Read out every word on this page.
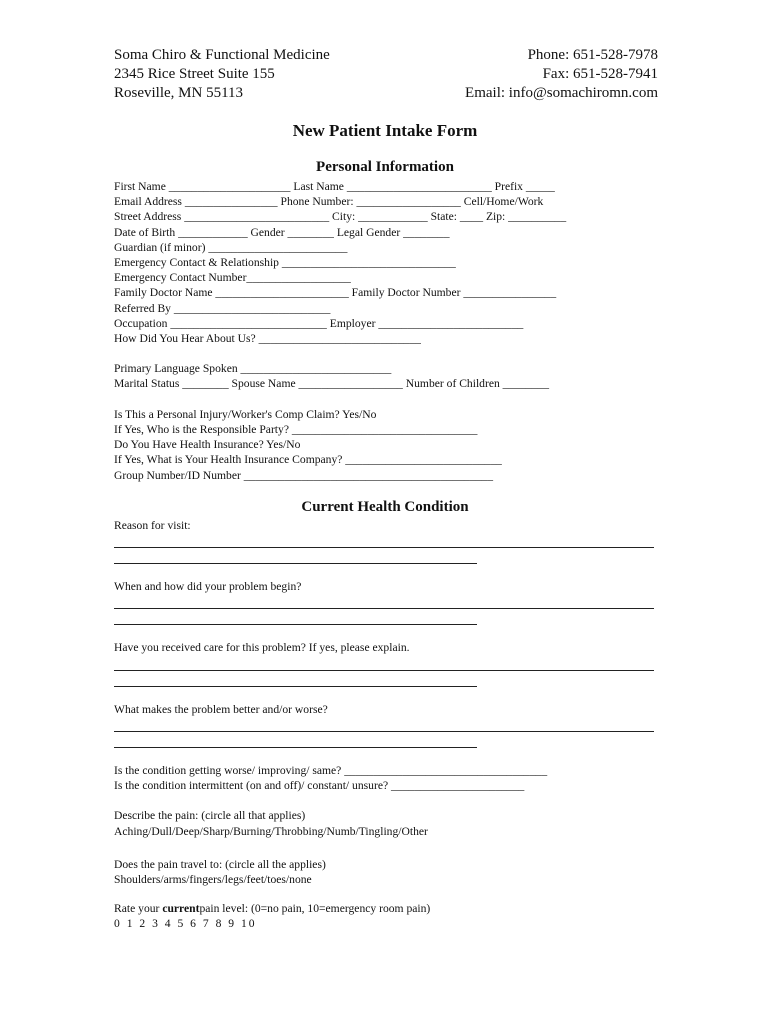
Soma Chiro & Functional Medicine
2345 Rice Street Suite 155
Roseville, MN 55113
Phone: 651-528-7978
Fax: 651-528-7941
Email: info@somachiromn.com
New Patient Intake Form
Personal Information
First Name _____________________ Last Name _________________________ Prefix _____
Email Address ________________ Phone Number: __________________ Cell/Home/Work
Street Address _________________________ City: ____________ State: ____ Zip: __________
Date of Birth ____________ Gender ________ Legal Gender ________
Guardian (if minor) ________________________
Emergency Contact & Relationship ______________________________
Emergency Contact Number__________________
Family Doctor Name _______________________ Family Doctor Number ________________
Referred By ___________________________
Occupation ___________________________ Employer _________________________
How Did You Hear About Us? ____________________________
Primary Language Spoken __________________________
Marital Status ________ Spouse Name __________________ Number of Children ________
Is This a Personal Injury/Worker's Comp Claim? Yes/No
If Yes, Who is the Responsible Party? ________________________________
Do You Have Health Insurance? Yes/No
If Yes, What is Your Health Insurance Company? ___________________________
Group Number/ID Number ___________________________________________
Current Health Condition
Reason for visit:
When and how did your problem begin?
Have you received care for this problem? If yes, please explain.
What makes the problem better and/or worse?
Is the condition getting worse/ improving/ same? ___________________________________
Is the condition intermittent (on and off)/ constant/ unsure? _______________________
Describe the pain: (circle all that applies)
Aching/Dull/Deep/Sharp/Burning/Throbbing/Numb/Tingling/Other
Does the pain travel to: (circle all the applies)
Shoulders/arms/fingers/legs/feet/toes/none
Rate your currentpain level: (0=no pain, 10=emergency room pain)
0 1 2 3 4 5 6 7 8 9 10
